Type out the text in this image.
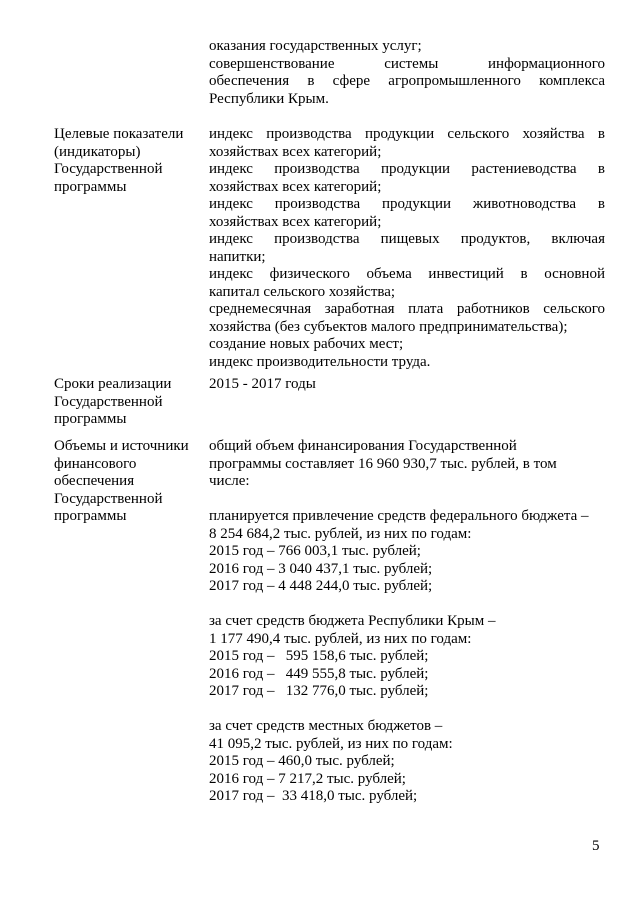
оказания государственных услуг;
совершенствование системы информационного
обеспечения в сфере агропромышленного комплекса
Республики Крым.
Целевые показатели
(индикаторы)
Государственной
программы
индекс производства продукции сельского хозяйства в
хозяйствах всех категорий;
индекс производства продукции растениеводства в
хозяйствах всех категорий;
индекс производства продукции животноводства в
хозяйствах всех категорий;
индекс производства пищевых продуктов, включая
напитки;
индекс физического объема инвестиций в основной
капитал сельского хозяйства;
среднемесячная заработная плата работников сельского
хозяйства (без субъектов малого предпринимательства);
создание новых рабочих мест;
индекс производительности труда.
Сроки реализации
Государственной
программы
2015 - 2017 годы
Объемы и источники
финансового
обеспечения
Государственной
программы
общий объем финансирования Государственной
программы составляет 16 960 930,7 тыс. рублей, в том
числе:
планируется привлечение средств федерального бюджета –
8 254 684,2 тыс. рублей, из них по годам:
2015 год – 766 003,1 тыс. рублей;
2016 год – 3 040 437,1 тыс. рублей;
2017 год – 4 448 244,0 тыс. рублей;
за счет средств бюджета Республики Крым –
1 177 490,4 тыс. рублей, из них по годам:
2015 год –   595 158,6 тыс. рублей;
2016 год –   449 555,8 тыс. рублей;
2017 год –   132 776,0 тыс. рублей;
за счет средств местных бюджетов –
41 095,2 тыс. рублей, из них по годам:
2015 год – 460,0 тыс. рублей;
2016 год – 7 217,2 тыс. рублей;
2017 год –  33 418,0 тыс. рублей;
5
